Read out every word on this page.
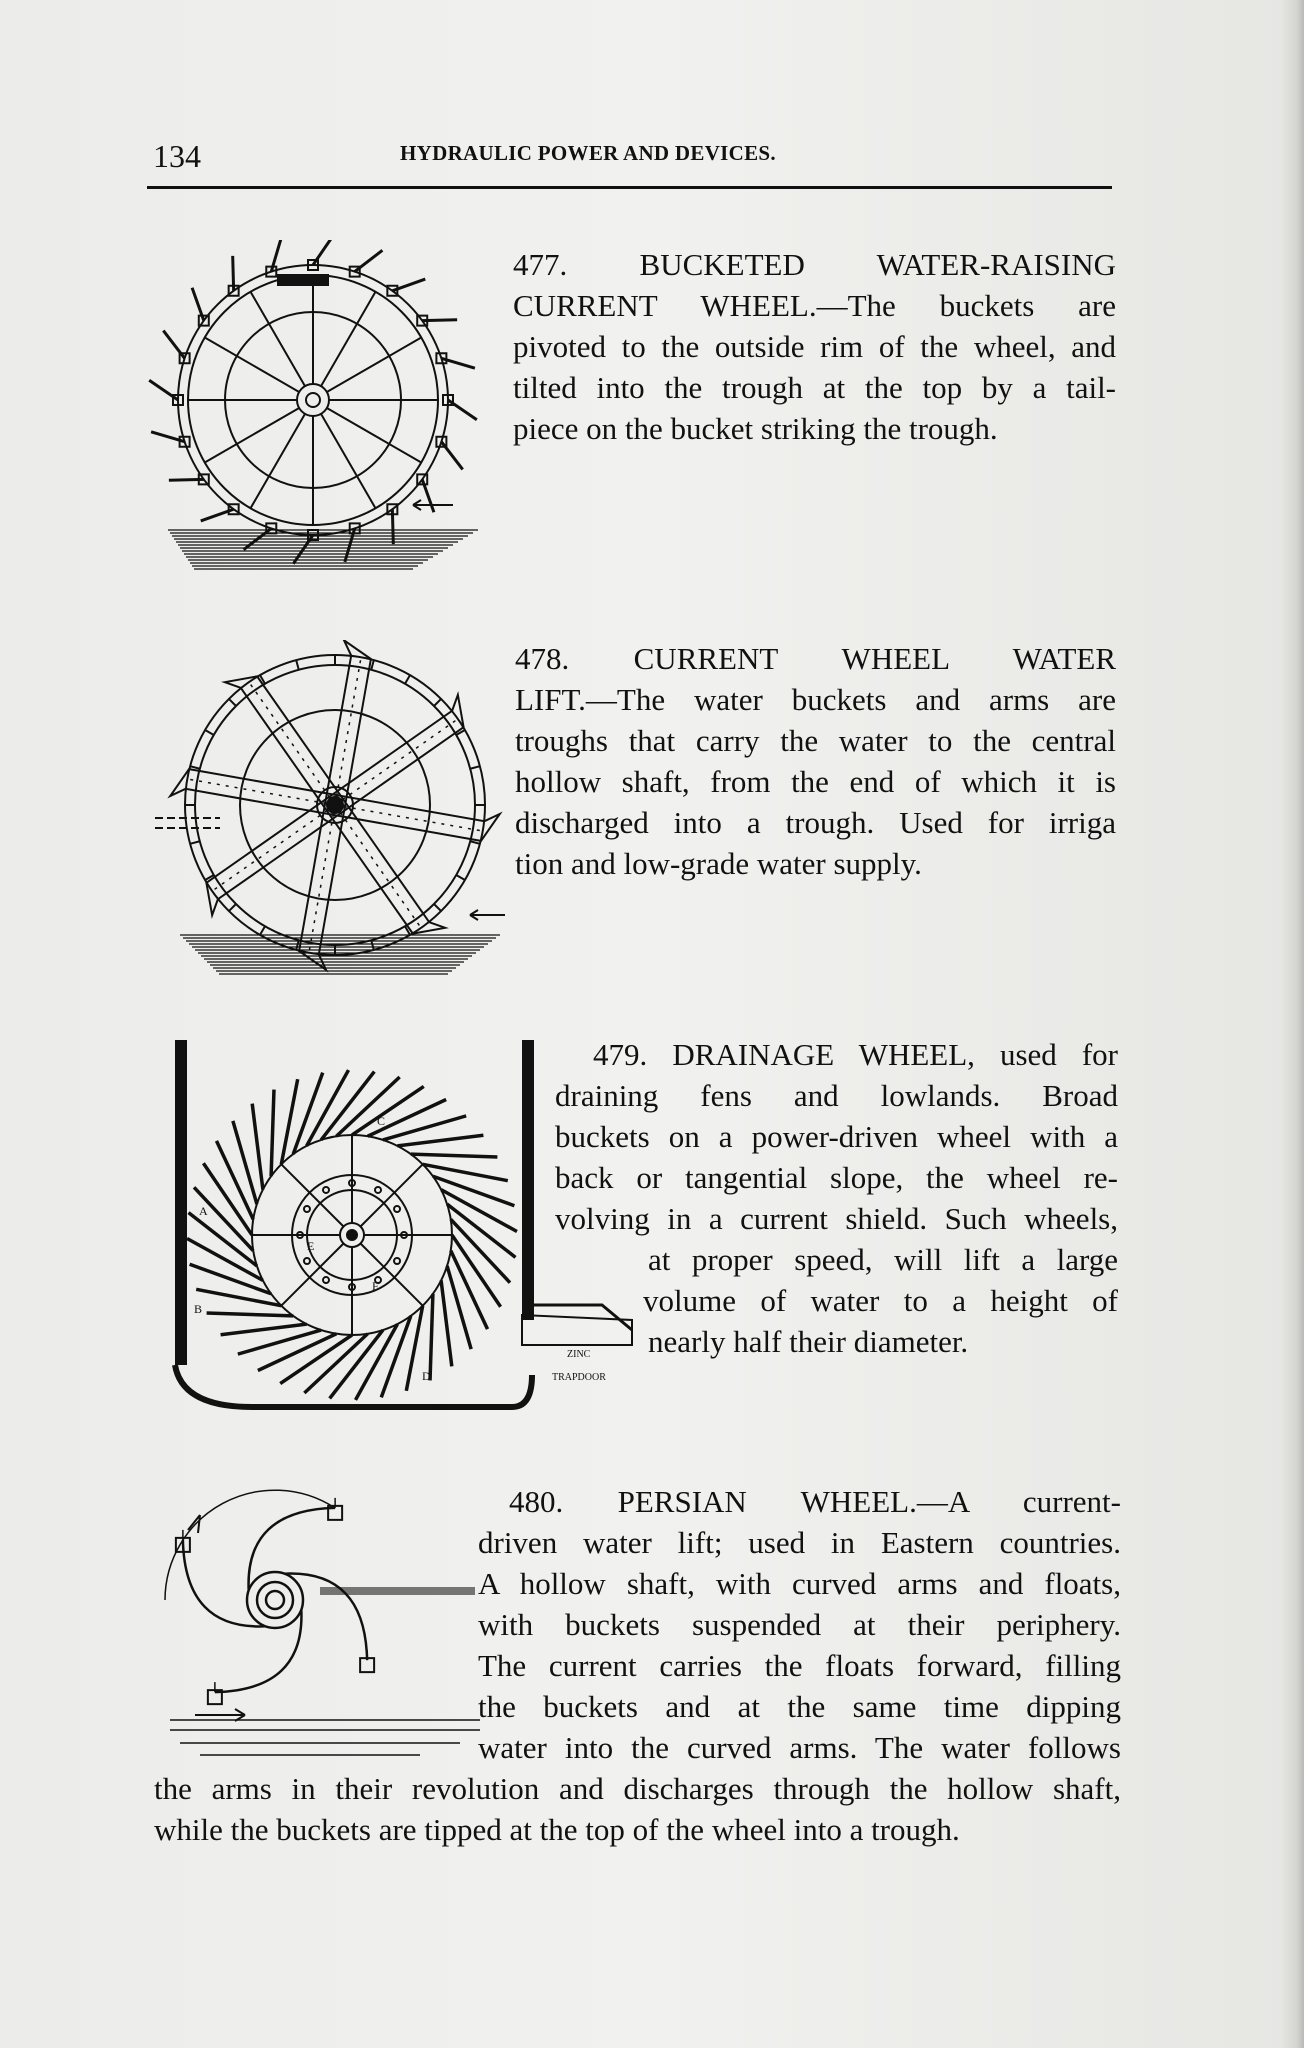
134	HYDRAULIC POWER AND DEVICES.
477. BUCKETED WATER-RAISING
CURRENT WHEEL.—The buckets are
pivoted to the outside rim of the wheel, and
tilted into the trough at the top by a tail-
piece on the bucket striking the trough.
478. CURRENT WHEEL WATER
LIFT.—The water buckets and arms are
troughs that carry the water to the central
hollow shaft, from the end of which it is
discharged into a trough. Used for irriga
tion and low-grade water supply.
479. DRAINAGE WHEEL, used for
draining fens and lowlands. Broad
buckets on a power-driven wheel with a
back or tangential slope, the wheel re-
volving in a current shield. Such wheels,
at proper speed, will lift a large
volume of water to a height of
nearly half their diameter.
480. PERSIAN WHEEL.—A current-
driven water lift; used in Eastern countries.
A hollow shaft, with curved arms and floats,
with buckets suspended at their periphery.
The current carries the floats forward, filling
the buckets and at the same time dipping
water into the curved arms. The water follows
the arms in their revolution and discharges through the hollow shaft,
while the buckets are tipped at the top of the wheel into a trough.
A
B
C
E
F
D
ZINC
TRAPDOOR
